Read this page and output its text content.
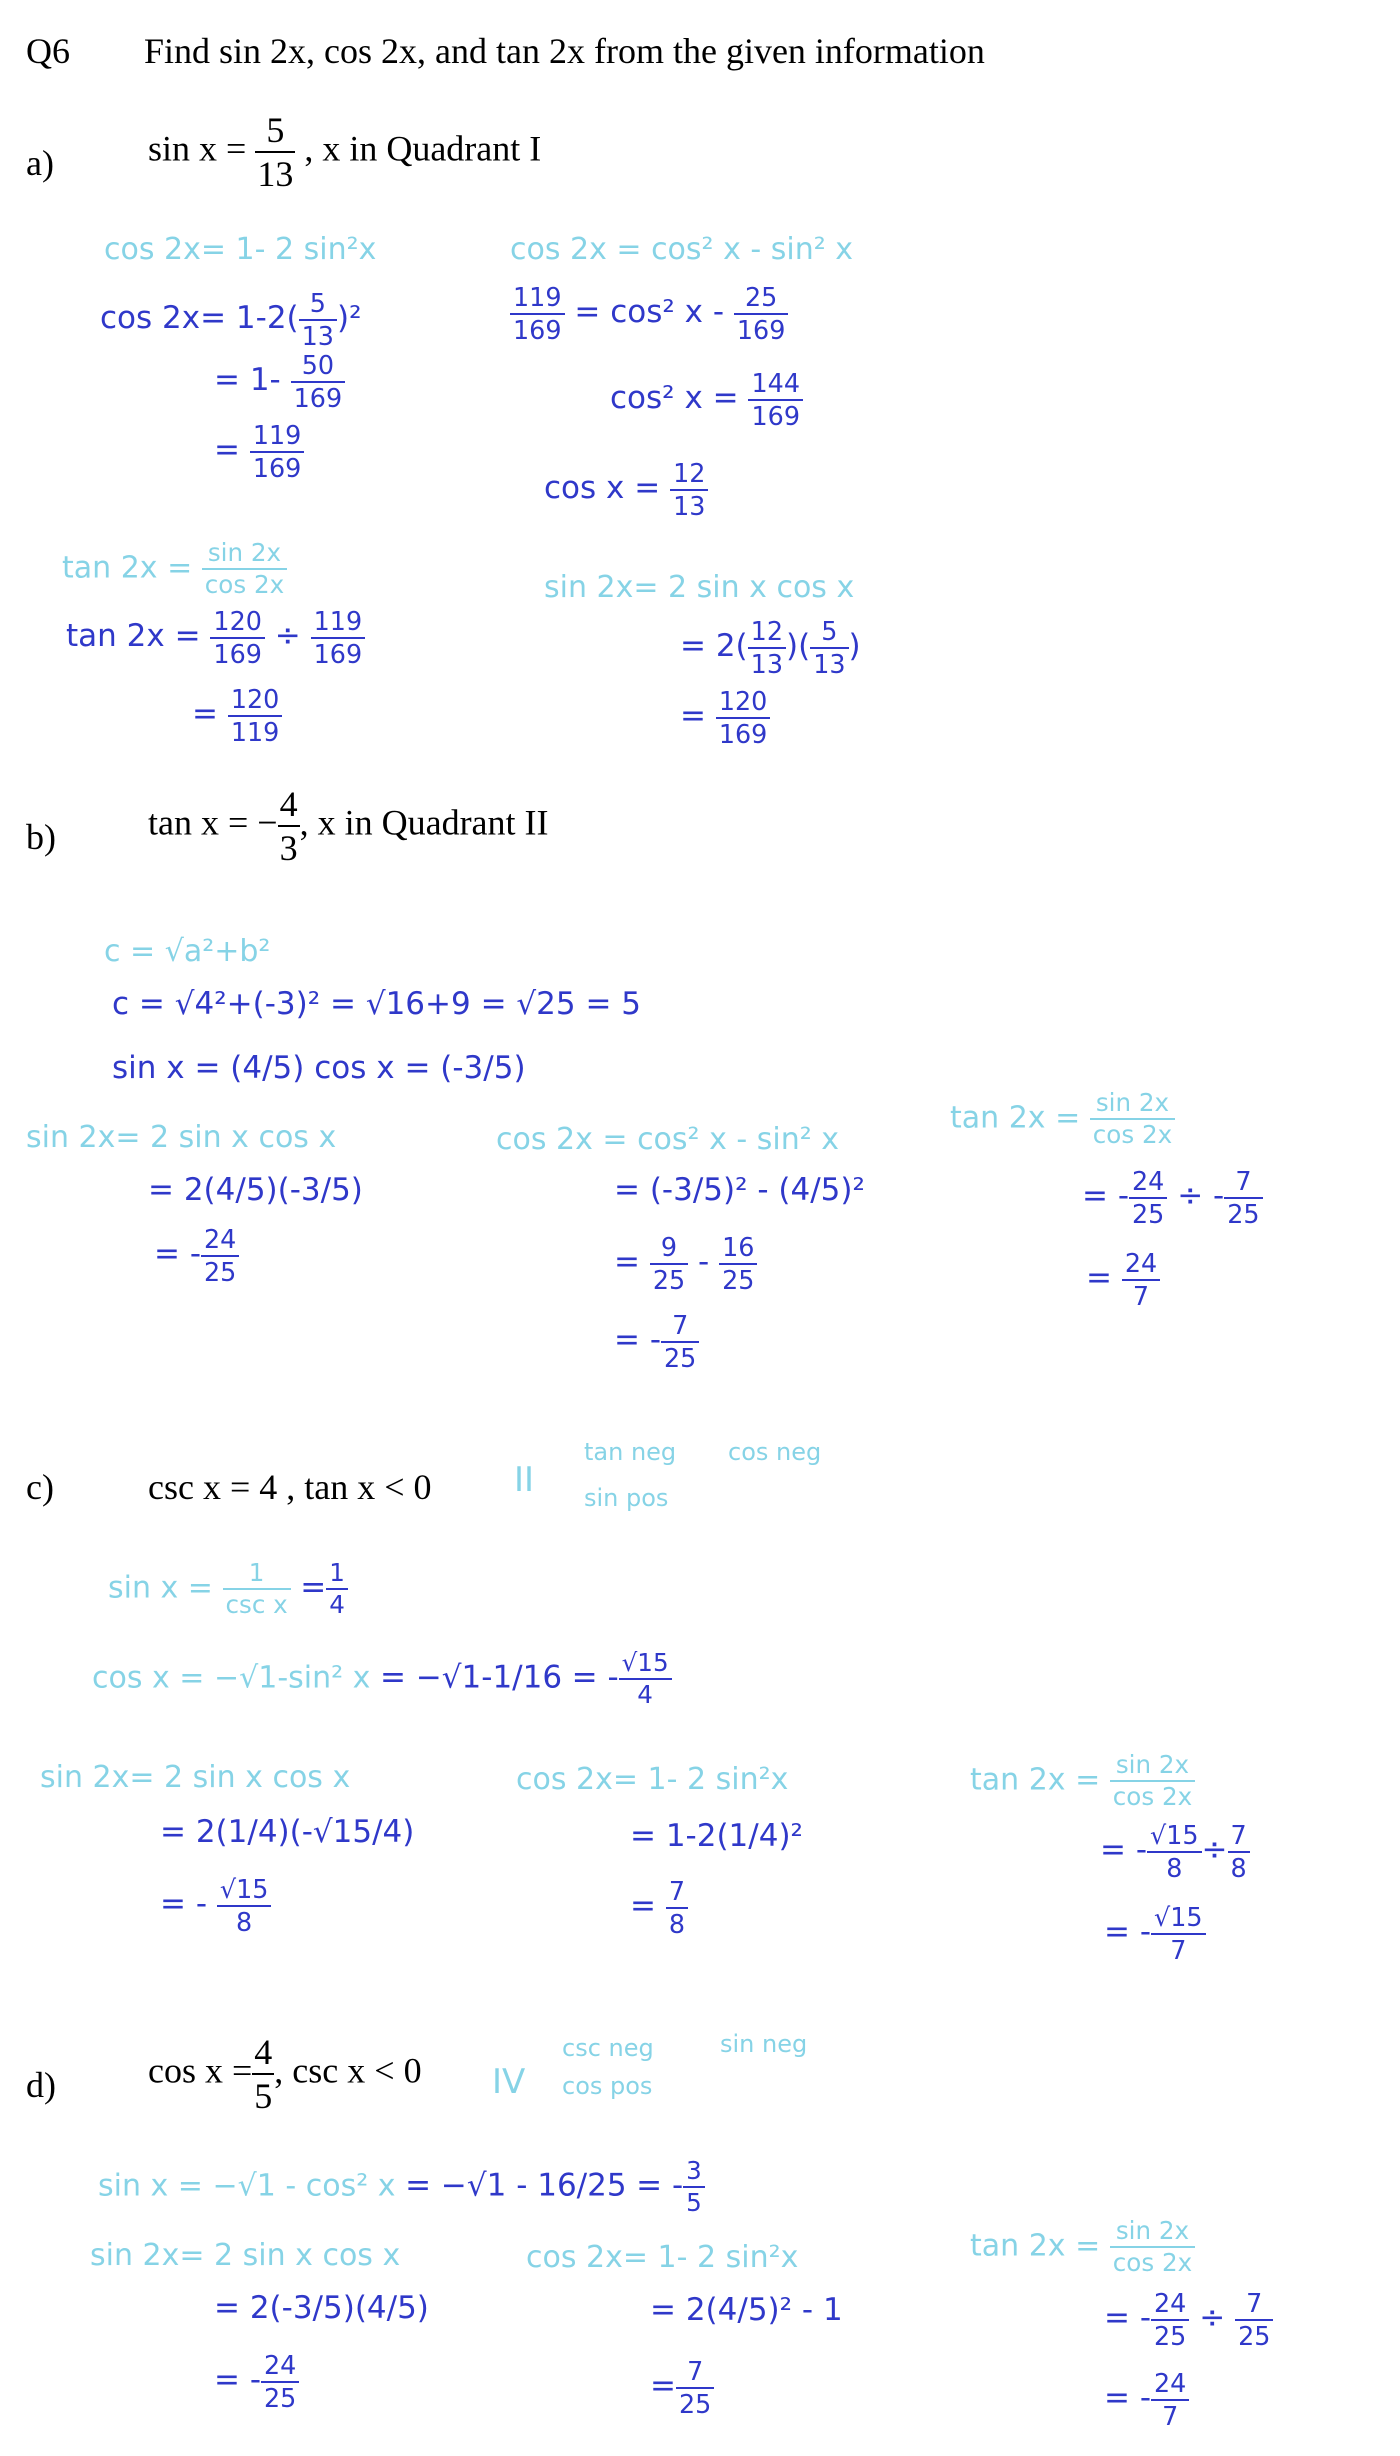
Q6 Find sin 2x, cos 2x, and tan 2x from the given information
a)	$\sin x = \frac{5}{13}$ , x in Quadrant I
cos 2x= 1- 2 sin²x
$\cos 2x= 1-2( \frac{5}{13} )^2$
= $1- \frac{50}{169}$
= $\frac{119}{169}$
cos 2x = cos² x - sin² x
$\frac{119}{169} = \cos^2$ x - $\frac{25}{169}$
cos² $x = \frac{144}{169}$
$\cos x = \frac{12}{13}$
$\tan 2x = \frac{\sin 2x}{\cos 2x}$
$\tan 2x = \frac{120}{169} \div \frac{119}{169}$
= $\frac{120}{119}$
sin 2x= 2 sin x cos x
= $2( \frac{12}{13}$ )( $\frac{5}{13}$ )
= $\frac{120}{169}$
b)	tan x = − $\frac{4}{3}$ , x in Quadrant II
c = √a²+b²
c = √4²+(-3)² = √16+9 = √25 = 5
sin x = (4/5) cos x = (-3/5)
sin 2x= 2 sin x cos x
= 2(4/5)(-3/5)
= - $\frac{24}{25}$
cos 2x = cos² x - sin² x
= (-3/5)² - (4/5)²
= $\frac{9}{25} - \frac{16}{25}$
= - $\frac{7}{25}$
$\tan 2x = \frac{\sin 2x}{\cos 2x}$
= - $\frac{24}{25}$ ÷ - $\frac{7}{25}$
= $\frac{24}{7}$
c)	csc x = 4 , tan x < 0 II
tan neg cos neg
sin pos
sin x =	1
$\csc x = \frac{1}{4}$
cos x = −√1-sin² x = −√1-1/16 = - $\frac{√15}{4}$
sin 2x= 2 sin x cos x
= 2(1/4)(-√15/4)
= - $\frac{√15}{8}$
cos 2x= 1- 2 sin²x
= 1-2(1/4)²
= $\frac{7}{8}$
$\tan 2x = \frac{\sin 2x}{\cos 2x}$
= - $\frac{√15}{8} \div \frac{7}{8}$
= - $\frac{√15}{7}$
d)	$\cos x = \frac{4}{5}$ , csc x < 0 IV
csc neg	sin neg
cos pos
sin x = −√1 - cos² x = −√1 - 16/25 = - $\frac{3}{5}$
sin 2x= 2 sin x cos x
= 2(-3/5)(4/5)
= - $\frac{24}{25}$
cos 2x= 1- 2 sin²x
= 2(4/5)² - 1
= $\frac{7}{25}$
$\tan 2x = \frac{\sin 2x}{\cos 2x}$
= - $\frac{24}{25} \div \frac{7}{25}$
= - $\frac{24}{7}$
